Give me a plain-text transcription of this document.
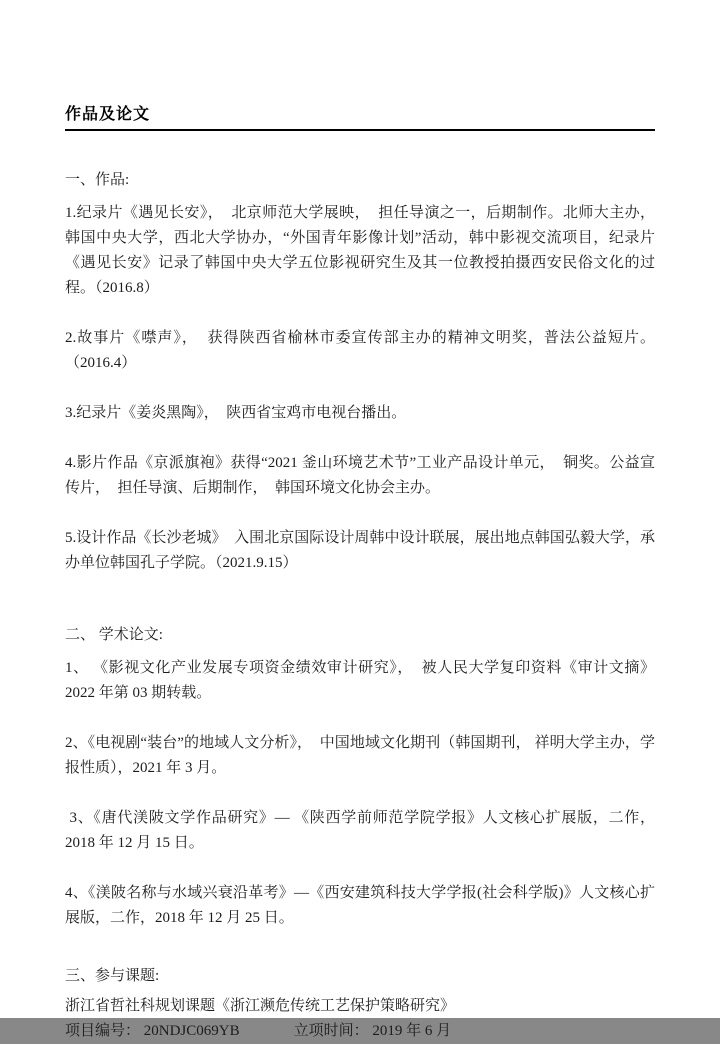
作品及论文
一、作品:

1.纪录片《遇见长安》，  北京师范大学展映，  担任导演之一，后期制作。北师大主办，  韩国中央大学，西北大学协办，“外国青年影像计划”活动，韩中影视交流项目，纪录片《遇见长安》记录了韩国中央大学五位影视研究生及其一位教授拍摄西安民俗文化的过程。（2016.8）

2.故事片《噤声》，  获得陕西省榆林市委宣传部主办的精神文明奖，普法公益短片。（2016.4）

3.纪录片《姜炎黑陶》，  陕西省宝鸡市电视台播出。

4.影片作品《京派旗袍》获得“2021 釜山环境艺术节”工业产品设计单元，  铜奖。公益宣传片，  担任导演、后期制作，  韩国环境文化协会主办。

5.设计作品《长沙老城》  入围北京国际设计周韩中设计联展，展出地点韩国弘毅大学，承办单位韩国孔子学院。（2021.9.15）

二、 学术论文:

1、 《影视文化产业发展专项资金绩效审计研究》，  被人民大学复印资料《审计文摘》2022 年第 03 期转载。

2、《电视剧“装台”的地域人文分析》，  中国地域文化期刊（韩国期刊， 祥明大学主办，学报性质），2021 年 3 月。

3、《唐代渼陂文学作品研究》— 《陕西学前师范学院学报》人文核心扩展版，二作，2018 年 12 月 15 日。

4、《渼陂名称与水域兴衰沿革考》—《西安建筑科技大学学报(社会科学版)》人文核心扩展版，二作，2018 年 12 月 25 日。

三、参与课题:

浙江省哲社科规划课题《浙江濒危传统工艺保护策略研究》

项目编号： 20NDJC069YB	立项时间： 2019 年 6 月
